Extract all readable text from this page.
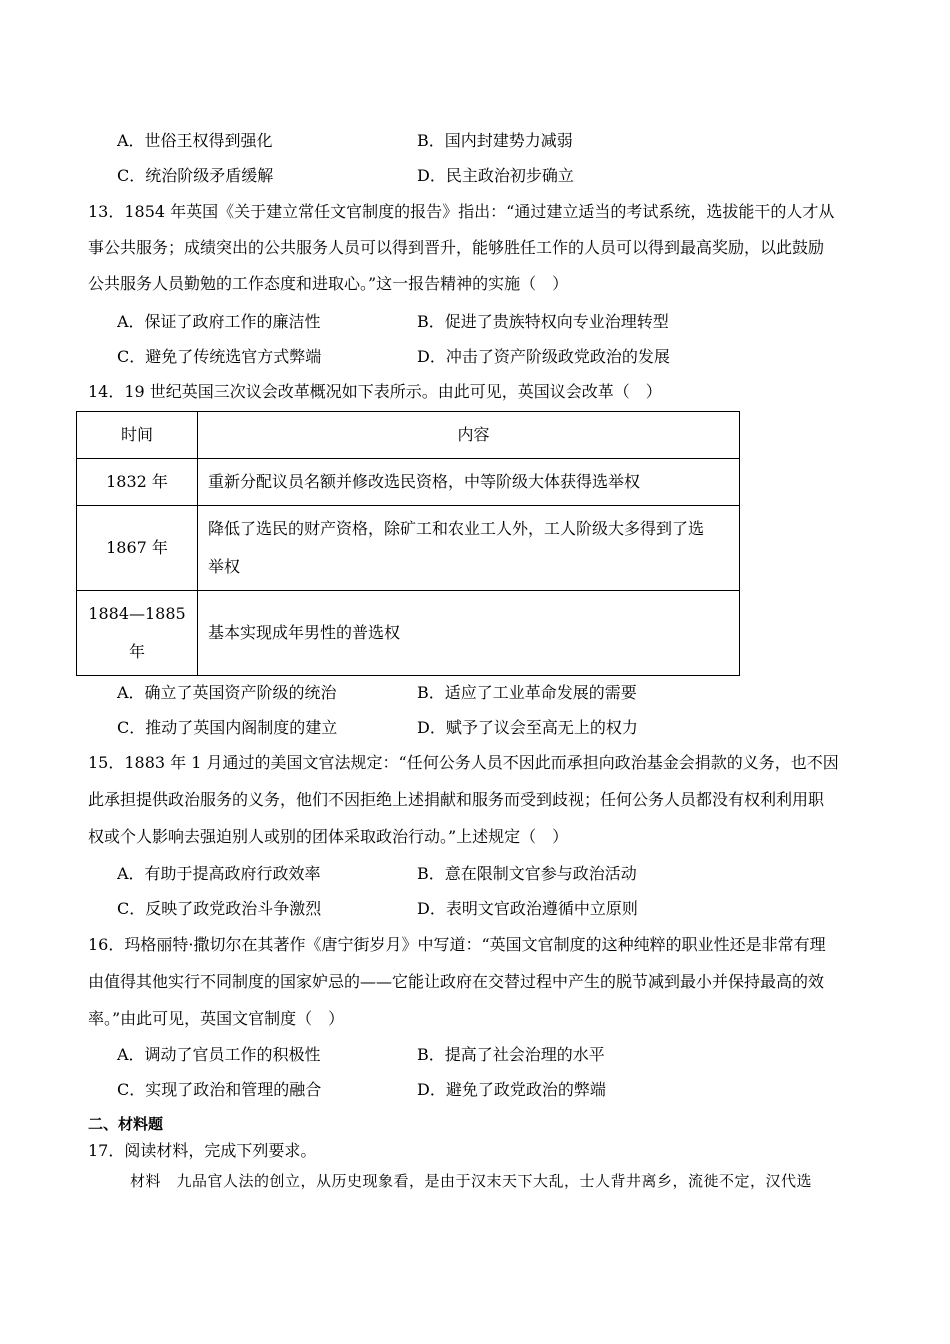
A．世俗王权得到强化	B．国内封建势力减弱
C．统治阶级矛盾缓解	D．民主政治初步确立
13．1854 年英国《关于建立常任文官制度的报告》指出：“通过建立适当的考试系统，选拔能干的人才从
事公共服务；成绩突出的公共服务人员可以得到晋升，能够胜任工作的人员可以得到最高奖励，以此鼓励
公共服务人员勤勉的工作态度和进取心。”这一报告精神的实施（　）
A．保证了政府工作的廉洁性	B．促进了贵族特权向专业治理转型
C．避免了传统选官方式弊端	D．冲击了资产阶级政党政治的发展
14．19 世纪英国三次议会改革概况如下表所示。由此可见，英国议会改革（　）
时间	内容
1832 年	重新分配议员名额并修改选民资格，中等阶级大体获得选举权
1867 年	降低了选民的财产资格，除矿工和农业工人外，工人阶级大多得到了选
举权

1884—1885
年	基本实现成年男性的普选权
A．确立了英国资产阶级的统治	B．适应了工业革命发展的需要
C．推动了英国内阁制度的建立	D．赋予了议会至高无上的权力
15．1883 年 1 月通过的美国文官法规定：“任何公务人员不因此而承担向政治基金会捐款的义务，也不因
此承担提供政治服务的义务，他们不因拒绝上述捐献和服务而受到歧视；任何公务人员都没有权利利用职
权或个人影响去强迫别人或别的团体采取政治行动。”上述规定（　）
A．有助于提高政府行政效率	B．意在限制文官参与政治活动
C．反映了政党政治斗争激烈	D．表明文官政治遵循中立原则
16．玛格丽特·撒切尔在其著作《唐宁街岁月》中写道：“英国文官制度的这种纯粹的职业性还是非常有理
由值得其他实行不同制度的国家妒忌的——它能让政府在交替过程中产生的脱节减到最小并保持最高的效
率。”由此可见，英国文官制度（　）
A．调动了官员工作的积极性	B．提高了社会治理的水平
C．实现了政治和管理的融合	D．避免了政党政治的弊端
二、材料题
17．阅读材料，完成下列要求。
材料　九品官人法的创立，从历史现象看，是由于汉末天下大乱，士人背井离乡，流徙不定，汉代选
